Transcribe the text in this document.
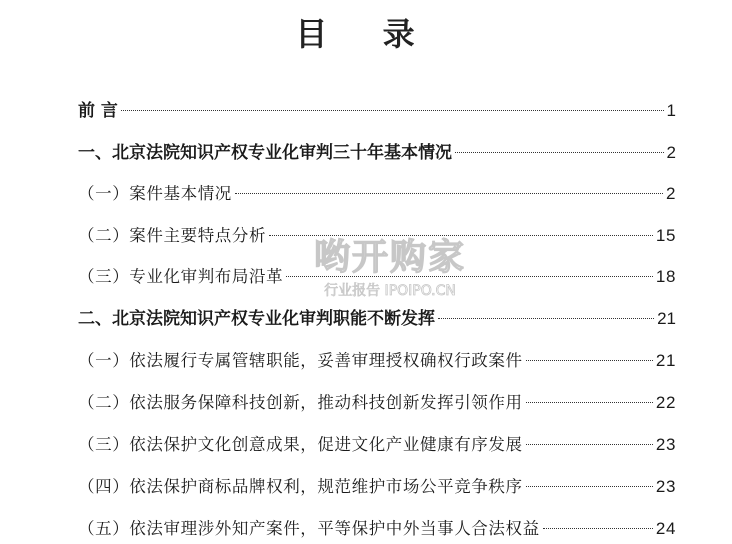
目 录
前 言	1
一、北京法院知识产权专业化审判三十年基本情况	2
（一）案件基本情况	2
（二）案件主要特点分析	15
（三）专业化审判布局沿革	18
二、北京法院知识产权专业化审判职能不断发挥	21
（一）依法履行专属管辖职能，妥善审理授权确权行政案件	21
（二）依法服务保障科技创新，推动科技创新发挥引领作用	22
（三）依法保护文化创意成果，促进文化产业健康有序发展	23
（四）依法保护商标品牌权利，规范维护市场公平竞争秩序	23
（五）依法审理涉外知产案件，平等保护中外当事人合法权益	24
哟开购家
行业报告 IPOIPO.CN
